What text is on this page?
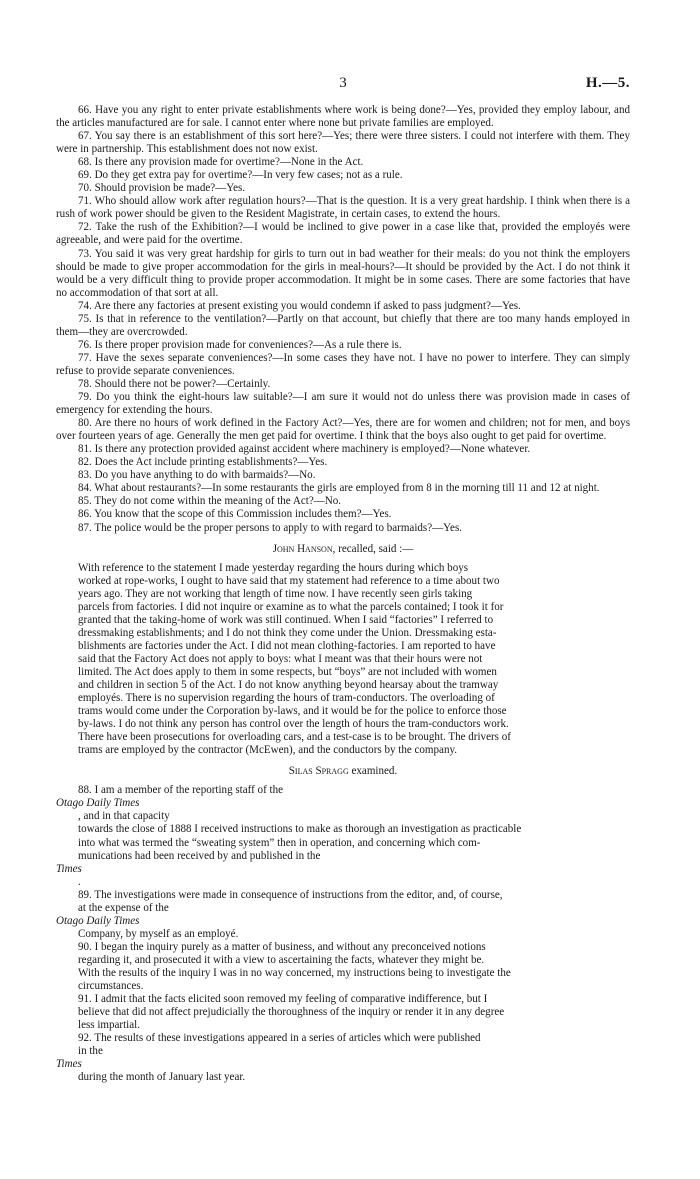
3	H.—5.

66. Have you any right to enter private establishments where work is being done?—Yes, provided they employ labour, and the articles manufactured are for sale. I cannot enter where none but private families are employed.

67. You say there is an establishment of this sort here?—Yes; there were three sisters. I could not interfere with them. They were in partnership. This establishment does not now exist.

68. Is there any provision made for overtime?—None in the Act.

69. Do they get extra pay for overtime?—In very few cases; not as a rule.

70. Should provision be made?—Yes.

71. Who should allow work after regulation hours?—That is the question. It is a very great hardship. I think when there is a rush of work power should be given to the Resident Magistrate, in certain cases, to extend the hours.

72. Take the rush of the Exhibition?—I would be inclined to give power in a case like that, provided the employés were agreeable, and were paid for the overtime.

73. You said it was very great hardship for girls to turn out in bad weather for their meals: do you not think the employers should be made to give proper accommodation for the girls in meal-hours?—It should be provided by the Act. I do not think it would be a very difficult thing to provide proper accommodation. It might be in some cases. There are some factories that have no accommodation of that sort at all.

74. Are there any factories at present existing you would condemn if asked to pass judgment?—Yes.

75. Is that in reference to the ventilation?—Partly on that account, but chiefly that there are too many hands employed in them—they are overcrowded.

76. Is there proper provision made for conveniences?—As a rule there is.

77. Have the sexes separate conveniences?—In some cases they have not. I have no power to interfere. They can simply refuse to provide separate conveniences.

78. Should there not be power?—Certainly.

79. Do you think the eight-hours law suitable?—I am sure it would not do unless there was provision made in cases of emergency for extending the hours.

80. Are there no hours of work defined in the Factory Act?—Yes, there are for women and children; not for men, and boys over fourteen years of age. Generally the men get paid for overtime. I think that the boys also ought to get paid for overtime.

81. Is there any protection provided against accident where machinery is employed?—None whatever.

82. Does the Act include printing establishments?—Yes.

83. Do you have anything to do with barmaids?—No.

84. What about restaurants?—In some restaurants the girls are employed from 8 in the morning till 11 and 12 at night.

85. They do not come within the meaning of the Act?—No.

86. You know that the scope of this Commission includes them?—Yes.

87. The police would be the proper persons to apply to with regard to barmaids?—Yes.

John Hanson, recalled, said :—

With reference to the statement I made yesterday regarding the hours during which boys
worked at rope-works, I ought to have said that my statement had reference to a time about two
years ago. They are not working that length of time now. I have recently seen girls taking
parcels from factories. I did not inquire or examine as to what the parcels contained; I took it for
granted that the taking-home of work was still continued. When I said “factories” I referred to
dressmaking establishments; and I do not think they come under the Union. Dressmaking esta-
blishments are factories under the Act. I did not mean clothing-factories. I am reported to have
said that the Factory Act does not apply to boys: what I meant was that their hours were not
limited. The Act does apply to them in some respects, but “boys” are not included with women
and children in section 5 of the Act. I do not know anything beyond hearsay about the tramway
employés. There is no supervision regarding the hours of tram-conductors. The overloading of
trams would come under the Corporation by-laws, and it would be for the police to enforce those
by-laws. I do not think any person has control over the length of hours the tram-conductors work.
There have been prosecutions for overloading cars, and a test-case is to be brought. The drivers of
trams are employed by the contractor (McEwen), and the conductors by the company.

Silas Spragg examined.

88. I am a member of the reporting staff of the
Otago Daily Times
, and in that capacity
towards the close of 1888 I received instructions to make as thorough an investigation as practicable
into what was termed the “sweating system” then in operation, and concerning which com-
munications had been received by and published in the
Times
.
89. The investigations were made in consequence of instructions from the editor, and, of course,
at the expense of the
Otago Daily Times
Company, by myself as an employé.
90. I began the inquiry purely as a matter of business, and without any preconceived notions
regarding it, and prosecuted it with a view to ascertaining the facts, whatever they might be.
With the results of the inquiry I was in no way concerned, my instructions being to investigate the
circumstances.
91. I admit that the facts elicited soon removed my feeling of comparative indifference, but I
believe that did not affect prejudicially the thoroughness of the inquiry or render it in any degree
less impartial.
92. The results of these investigations appeared in a series of articles which were published
in the
Times
during the month of January last year.
